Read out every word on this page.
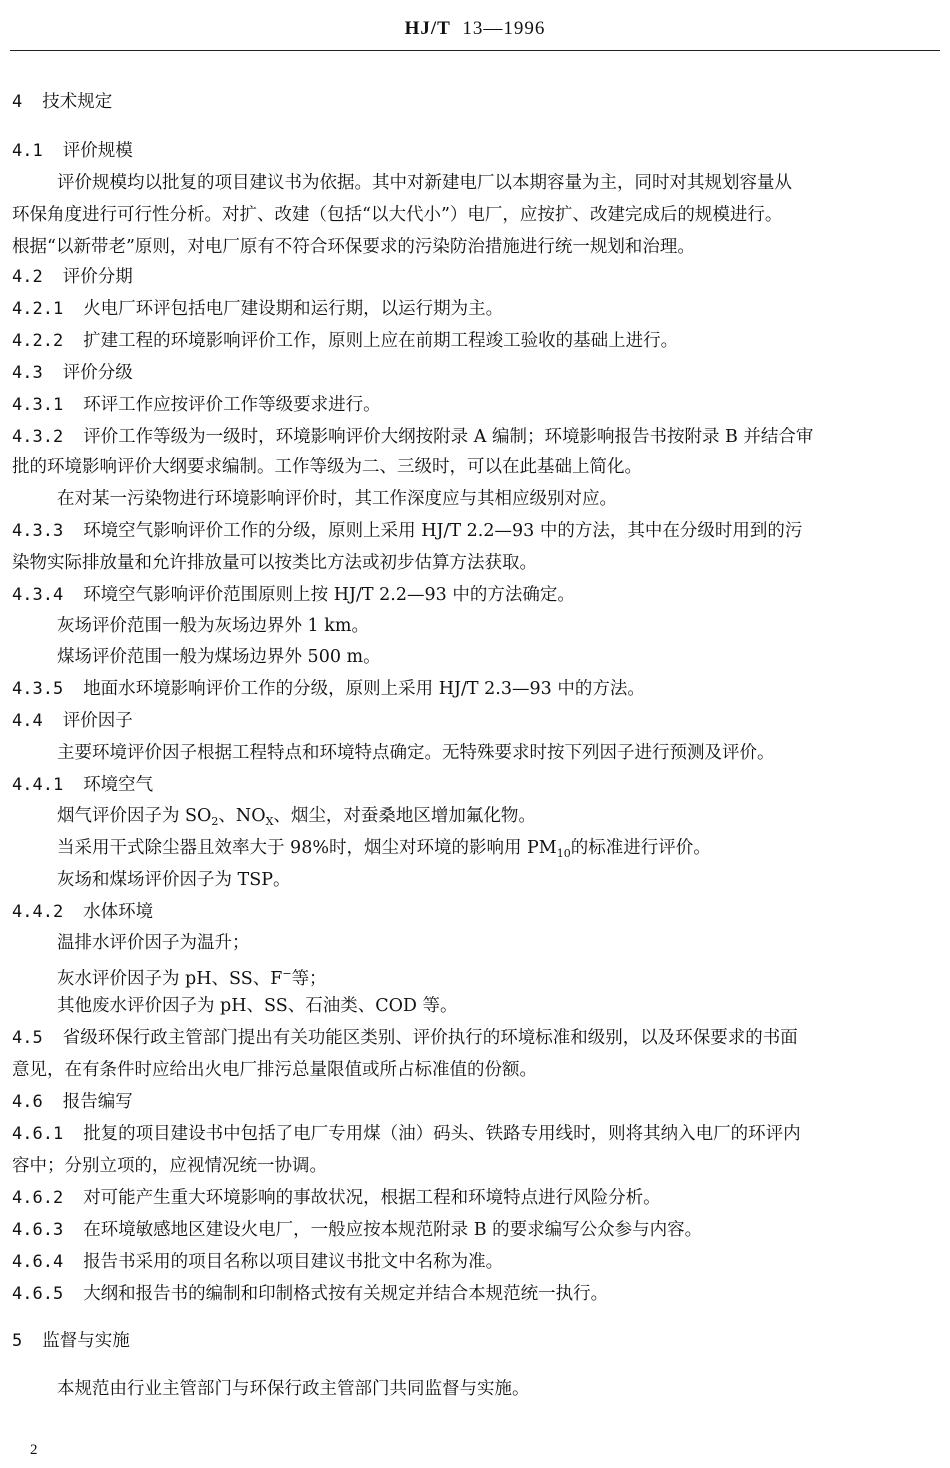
HJ/T 13—1996
4 技术规定
4.1 评价规模
评价规模均以批复的项目建议书为依据。其中对新建电厂以本期容量为主，同时对其规划容量从
环保角度进行可行性分析。对扩、改建（包括“以大代小”）电厂，应按扩、改建完成后的规模进行。
根据“以新带老”原则，对电厂原有不符合环保要求的污染防治措施进行统一规划和治理。
4.2 评价分期
4.2.1 火电厂环评包括电厂建设期和运行期，以运行期为主。
4.2.2 扩建工程的环境影响评价工作，原则上应在前期工程竣工验收的基础上进行。
4.3 评价分级
4.3.1 环评工作应按评价工作等级要求进行。
4.3.2 评价工作等级为一级时，环境影响评价大纲按附录 A 编制；环境影响报告书按附录 B 并结合审
批的环境影响评价大纲要求编制。工作等级为二、三级时，可以在此基础上简化。
在对某一污染物进行环境影响评价时，其工作深度应与其相应级别对应。
4.3.3 环境空气影响评价工作的分级，原则上采用 HJ/T 2.2—93 中的方法，其中在分级时用到的污
染物实际排放量和允许排放量可以按类比方法或初步估算方法获取。
4.3.4 环境空气影响评价范围原则上按 HJ/T 2.2—93 中的方法确定。
灰场评价范围一般为灰场边界外 1 km。
煤场评价范围一般为煤场边界外 500 m。
4.3.5 地面水环境影响评价工作的分级，原则上采用 HJ/T 2.3—93 中的方法。
4.4 评价因子
主要环境评价因子根据工程特点和环境特点确定。无特殊要求时按下列因子进行预测及评价。
4.4.1 环境空气
烟气评价因子为 $SO_2$、$NO_X$、烟尘，对蚕桑地区增加氟化物。
当采用干式除尘器且效率大于 98%时，烟尘对环境的影响用 $PM_{10}$的标准进行评价。
灰场和煤场评价因子为 TSP。
4.4.2 水体环境
温排水评价因子为温升；
灰水评价因子为 pH、SS、F−等；
其他废水评价因子为 pH、SS、石油类、COD 等。
4.5 省级环保行政主管部门提出有关功能区类别、评价执行的环境标准和级别，以及环保要求的书面
意见，在有条件时应给出火电厂排污总量限值或所占标准值的份额。
4.6 报告编写
4.6.1 批复的项目建设书中包括了电厂专用煤（油）码头、铁路专用线时，则将其纳入电厂的环评内
容中；分别立项的，应视情况统一协调。
4.6.2 对可能产生重大环境影响的事故状况，根据工程和环境特点进行风险分析。
4.6.3 在环境敏感地区建设火电厂，一般应按本规范附录 B 的要求编写公众参与内容。
4.6.4 报告书采用的项目名称以项目建议书批文中名称为准。
4.6.5 大纲和报告书的编制和印制格式按有关规定并结合本规范统一执行。
5 监督与实施
本规范由行业主管部门与环保行政主管部门共同监督与实施。
2
